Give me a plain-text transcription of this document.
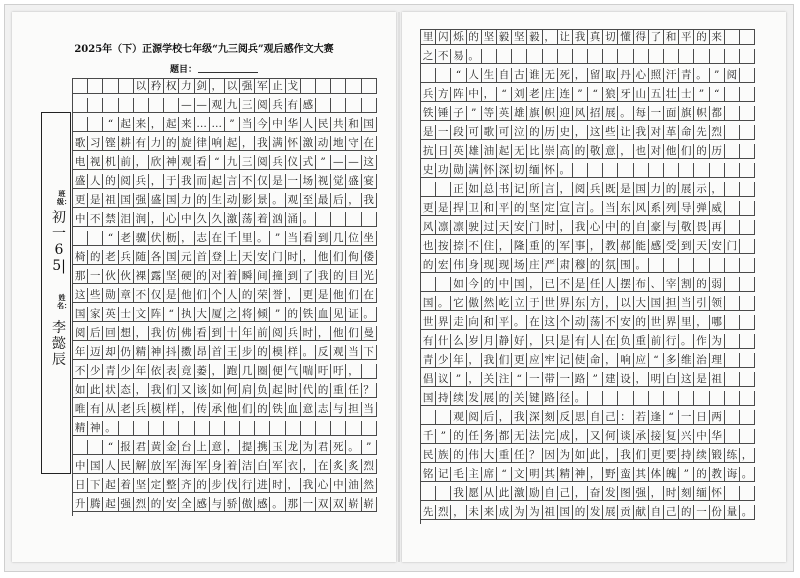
2025年（下）正源学校七年级“九三阅兵”观后感作文大赛
题目：
班级：
初一6 5|
姓名：
李懿辰

以 矜 权 力 剑 ， 以 强 军 止 戈

— — 观 九 三 阅 兵 有 感

“ 起 来 ， 起 来 … … ” 当 今 中 华 人 民 共 和 国
歌 习 铿 耕 有 力 的 旋 律 响 起 ， 我 满 怀 激 动 地 守 在
电 视 机 前 ， 欣 神 观 看 “ 九 三 阅 兵 仪 式 ” — — 这
盛 人 的 阅 兵 ， 于 我 而 起 言 不 仅 是 一 场 视 觉 盛 宴
更 是 祖 国 强 盛 国 力 的 生 动 影 景 。 观 至 最 后 ， 我
中 不 禁 泪 润 ， 心 中 久 久 激 荡 着 汹 涌 。

“ 老 骥 伏 枥 ， 志 在 千 里 。 ” 当 看 到 几 位 坐
椅 的 老 兵 随 各 国 元 首 登 上 天 安 门 时 ， 他 们 佝 偻
那 一 伙 伙 裸 露 坚 硬 的 对 着 瞬 间 撞 到 了 我 的 目 光
这 些 勋 章 不 仅 是 他 们 个 人 的 荣 誉 ， 更 是 他 们 在
国 家 英 士 文 阵 “ 执 大 厦 之 将 倾 ” 的 铁 血 见 证 。
阅 后 回 想 ， 我 仿 佛 看 到 十 年 前 阅 兵 时 ， 他 们 曼
年 迈 却 仍 精 神 抖 擞 昂 首 王 步 的 模 样 。 反 观 当 下
不 少 青 少 年 依 表 竟 萎 ， 跑 几 圈 便 气 喘 吁 吁 ，
如 此 状 态 ， 我 们 又 该 如 何 肩 负 起 时 代 的 重 任 ？
唯 有 从 老 兵 模 样 ， 传 承 他 们 的 铁 血 意 志 与 担 当
精 神 。

“ 报 君 黄 金 台 上 意 ， 提 携 玉 龙 为 君 死 。 ”
中 国 人 民 解 放 军 海 军 身 着 洁 白 军 衣 ， 在 炙 炙 烈
日 下 起 着 坚 定 整 齐 的 步 伐 行 进 时 ， 我 心 中 油 然
升 腾 起 强 烈 的 安 全 感 与 骄 傲 感 。 那 一 双 双 崭 崭
里 闪 烁 的 坚 毅 坚 毅 ， 让 我 真 切 懂 得 了 和 平 的 来
之 不 易 。

“ 人 生 自 古 谁 无 死 ， 留 取 丹 心 照 汗 青 。 ” 阅
兵 方 阵 中 ， “ 刘 老 庄 连 ” “ 狼 牙 山 五 壮 士 ” “
铁 锤 子 ” 等 英 雄 旗 帜 迎 风 招 展 。 每 一 面 旗 帜 都
是 一 段 可 歌 可 泣 的 历 史 ， 这 些 让 我 对 革 命 先 烈
抗 日 英 雄 油 起 无 比 崇 高 的 敬 意 ， 也 对 他 们 的 历
史 功 勋 满 怀 深 切 缅 怀 。

正 如 总 书 记 所 言 ， 阅 兵 既 是 国 力 的 展 示 ，
更 是 捍 卫 和 平 的 坚 定 宣 言 。 当 东 风 系 列 导 弹 威
风 凛 凛 驶 过 天 安 门 时 ， 我 心 中 的 自 豪 与 敬 畏 再
也 按 捺 不 住 ， 隆 重 的 军 事 ， 教 郝 能 感 受 到 天 安 门
的 宏 伟 身 现 现 场 庄 严 肃 穆 的 氛 围 。

如 今 的 中 国 ， 已 不 是 任 人 摆 布 、 宰 割 的 弱
国 。 它 傲 然 屹 立 于 世 界 东 方 ， 以 大 国 担 当 引 领
世 界 走 向 和 平 。 在 这 个 动 荡 不 安 的 世 界 里 ， 哪
有 什 么 岁 月 静 好 ， 只 是 有 人 在 负 重 前 行 。 作 为
青 少 年 ， 我 们 更 应 牢 记 使 命 ， 响 应 “ 多 维 治 理
倡 议 ” ， 关 注 “ 一 带 一 路 ” 建 设 ， 明 白 这 是 祖
国 持 续 发 展 的 关 键 路 径 。

观 阅 后 ， 我 深 刻 反 思 自 己 ： 若 逢 “ 一 日 两
千 ” 的 任 务 都 无 法 完 成 ， 又 何 谈 承 接 复 兴 中 华
民 族 的 伟 大 重 任 ？ 因 为 如 此 ， 我 们 更 要 持 续 锻 练 ，
铭 记 毛 主 席 “ 文 明 其 精 神 ， 野 蛮 其 体 魄 ” 的 教 诲 。

我 愿 从 此 激 励 自 己 ， 奋 发 图 强 ， 时 刻 缅 怀
先 烈 ， 未 来 成 为 为 祖 国 的 发 展 贡 献 自 己 的 一 份 量 。
